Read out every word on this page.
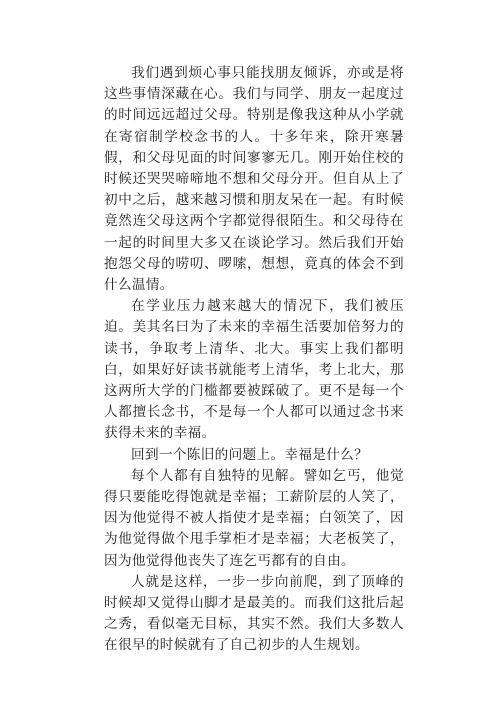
我们遇到烦心事只能找朋友倾诉，亦或是将这些事情深藏在心。我们与同学、朋友一起度过的时间远远超过父母。特别是像我这种从小学就在寄宿制学校念书的人。十多年来，除开寒暑假，和父母见面的时间寥寥无几。刚开始住校的时候还哭哭啼啼地不想和父母分开。但自从上了初中之后，越来越习惯和朋友呆在一起。有时候竟然连父母这两个字都觉得很陌生。和父母待在一起的时间里大多又在谈论学习。然后我们开始抱怨父母的唠叨、啰嗦，想想，竟真的体会不到什么温情。

在学业压力越来越大的情况下，我们被压迫。美其名曰为了未来的幸福生活要加倍努力的读书，争取考上清华、北大。事实上我们都明白，如果好好读书就能考上清华，考上北大，那这两所大学的门槛都要被踩破了。更不是每一个人都擅长念书，不是每一个人都可以通过念书来获得未来的幸福。

回到一个陈旧的问题上。幸福是什么？

每个人都有自独特的见解。譬如乞丐，他觉得只要能吃得饱就是幸福；工薪阶层的人笑了，因为他觉得不被人指使才是幸福；白领笑了，因为他觉得做个甩手掌柜才是幸福；大老板笑了，因为他觉得他丧失了连乞丐都有的自由。

人就是这样，一步一步向前爬，到了顶峰的时候却又觉得山脚才是最美的。而我们这批后起之秀，看似毫无目标，其实不然。我们大多数人在很早的时候就有了自己初步的人生规划。
